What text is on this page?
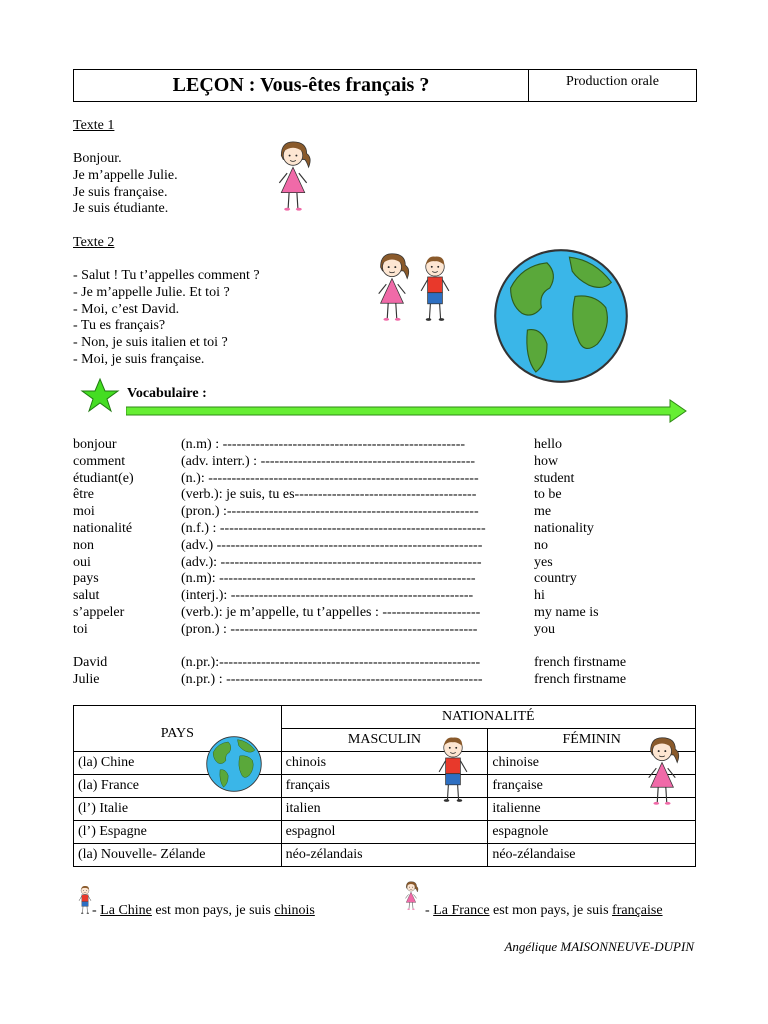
LEÇON : Vous-êtes français ?	Production orale
Texte 1
Bonjour.
Je m’appelle Julie.
Je suis française.
Je suis étudiante.
Texte 2
- Salut ! Tu t’appelles comment ?
- Je m’appelle Julie. Et toi ?
- Moi, c’est David.
- Tu es français?
- Non, je suis italien et toi ?
- Moi, je suis française.
Vocabulaire :
bonjour	(n.m) : ----------------------------------------------------	hello
comment	(adv. interr.) : ----------------------------------------------	how
étudiant(e)	(n.): ----------------------------------------------------------	student
être	(verb.): je suis, tu es---------------------------------------	to be
moi	(pron.) :------------------------------------------------------	me
nationalité	(n.f.) : ---------------------------------------------------------	nationality
non	(adv.) ---------------------------------------------------------	no
oui	(adv.): --------------------------------------------------------	yes
pays	(n.m): -------------------------------------------------------	country
salut	(interj.): ----------------------------------------------------	hi
s’appeler	(verb.): je m’appelle, tu t’appelles : ---------------------	my name is
toi	(pron.) : -----------------------------------------------------	you
David	(n.pr.):--------------------------------------------------------	french firstname
Julie	(n.pr.) : -------------------------------------------------------	french firstname
PAYS	NATIONALITÉ	
	MASCULIN	FÉMININ
(la) Chine	chinois	chinoise
(la) France	français	française
(l’) Italie	italien	italienne
(l’) Espagne	espagnol	espagnole
(la) Nouvelle- Zélande	néo-zélandais	néo-zélandaise
- La Chine est mon pays, je suis chinois	- La France est mon pays, je suis française
Angélique MAISONNEUVE-DUPIN
